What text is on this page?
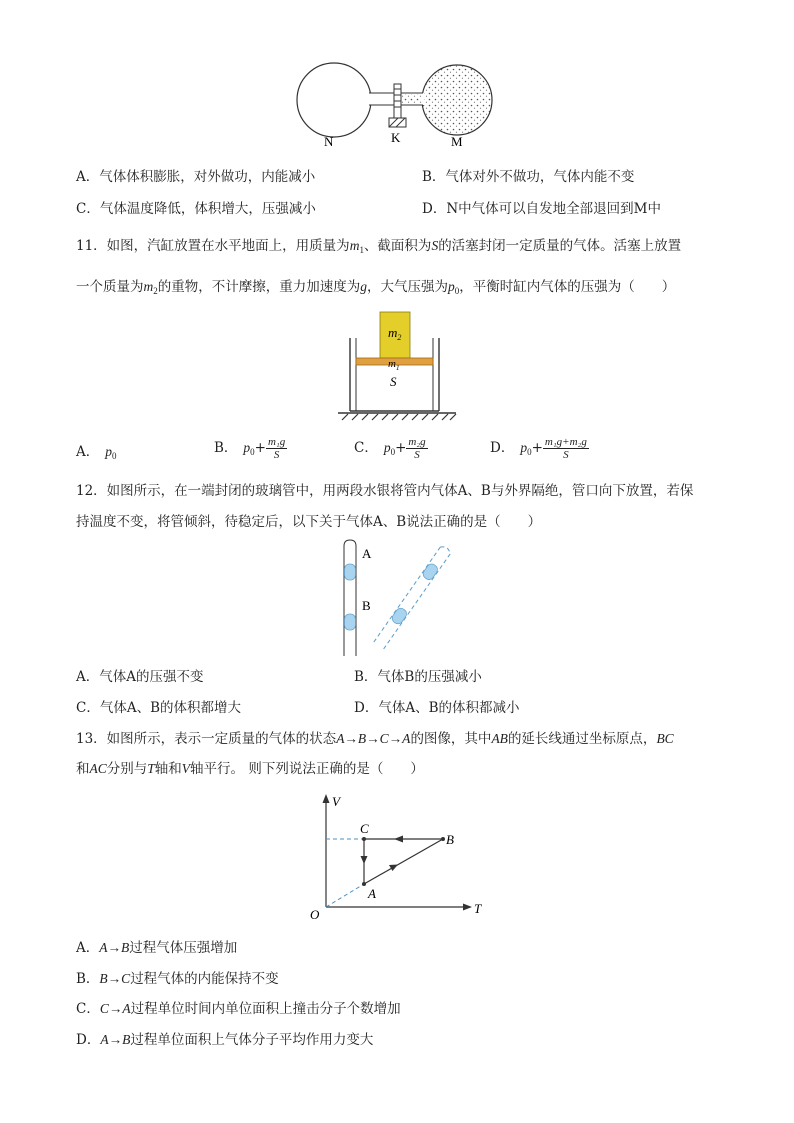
N	K	M
A．气体体积膨胀，对外做功，内能减小	B．气体对外不做功，气体内能不变
C．气体温度降低，体积增大，压强减小	D．N中气体可以自发地全部退回到M中
11．如图，汽缸放置在水平地面上，用质量为$m_1$、截面积为S的活塞封闭一定质量的气体。活塞上放置
一个质量为$m_2$的重物，不计摩擦，重力加速度为g，大气压强为$p_0$，平衡时缸内气体的压强为（　　）
$m_2$
$m_1$
S
A． $p_0$	B． $p_0+ \frac{\text{m₁g}}{S}$	C． $p_0+ \frac{\text{m₂g}}{S}$	D． $p_0+ \frac{\text{m₁g+m₂g}}{S}$
12．如图所示，在一端封闭的玻璃管中，用两段水银将管内气体A、B与外界隔绝，管口向下放置，若保
持温度不变，将管倾斜，待稳定后，以下关于气体A、B说法正确的是（　　）
A
B
A．气体A的压强不变	B．气体B的压强减小
C．气体A、B的体积都增大	D．气体A、B的体积都减小
13．如图所示，表示一定质量的气体的状态A→B→C→A的图像，其中AB的延长线通过坐标原点，BC
和AC分别与T轴和V轴平行。 则下列说法正确的是（　　）
V
T
O
A
B
C
A．A→B过程气体压强增加
B．B→C过程气体的内能保持不变
C．C→A过程单位时间内单位面积上撞击分子个数增加
D．A→B过程单位面积上气体分子平均作用力变大
